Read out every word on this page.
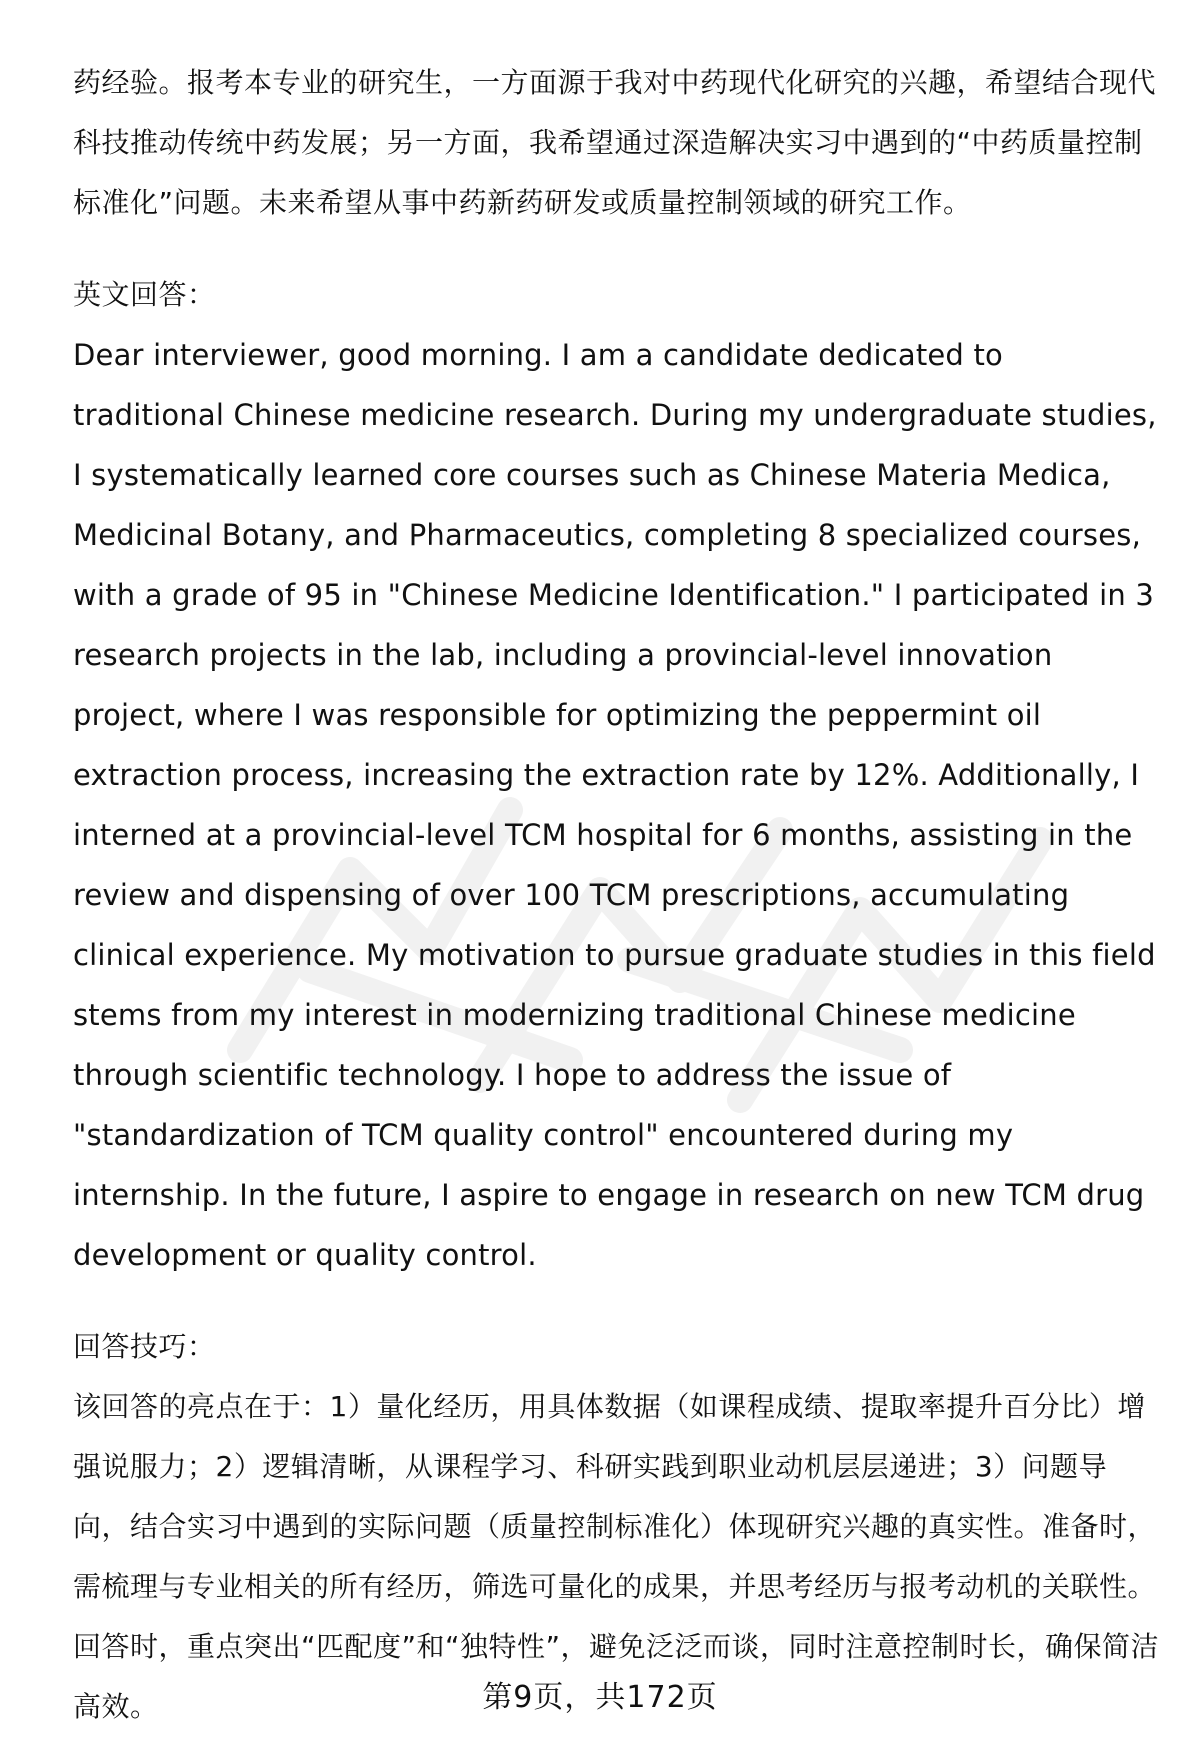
药经验。报考本专业的研究生，一方面源于我对中药现代化研究的兴趣，希望结合现代科技推动传统中药发展；另一方面，我希望通过深造解决实习中遇到的“中药质量控制标准化”问题。未来希望从事中药新药研发或质量控制领域的研究工作。

英文回答：

Dear interviewer, good morning. I am a candidate dedicated to traditional Chinese medicine research. During my undergraduate studies, I systematically learned core courses such as Chinese Materia Medica, Medicinal Botany, and Pharmaceutics, completing 8 specialized courses, with a grade of 95 in "Chinese Medicine Identification." I participated in 3 research projects in the lab, including a provincial-level innovation project, where I was responsible for optimizing the peppermint oil extraction process, increasing the extraction rate by 12%. Additionally, I interned at a provincial-level TCM hospital for 6 months, assisting in the review and dispensing of over 100 TCM prescriptions, accumulating clinical experience. My motivation to pursue graduate studies in this field stems from my interest in modernizing traditional Chinese medicine through scientific technology. I hope to address the issue of "standardization of TCM quality control" encountered during my internship. In the future, I aspire to engage in research on new TCM drug development or quality control.

回答技巧：

该回答的亮点在于：1）量化经历，用具体数据（如课程成绩、提取率提升百分比）增强说服力；2）逻辑清晰，从课程学习、科研实践到职业动机层层递进；3）问题导向，结合实习中遇到的实际问题（质量控制标准化）体现研究兴趣的真实性。准备时，需梳理与专业相关的所有经历，筛选可量化的成果，并思考经历与报考动机的关联性。回答时，重点突出“匹配度”和“独特性”，避免泛泛而谈，同时注意控制时长，确保简洁高效。	第9页，共172页
